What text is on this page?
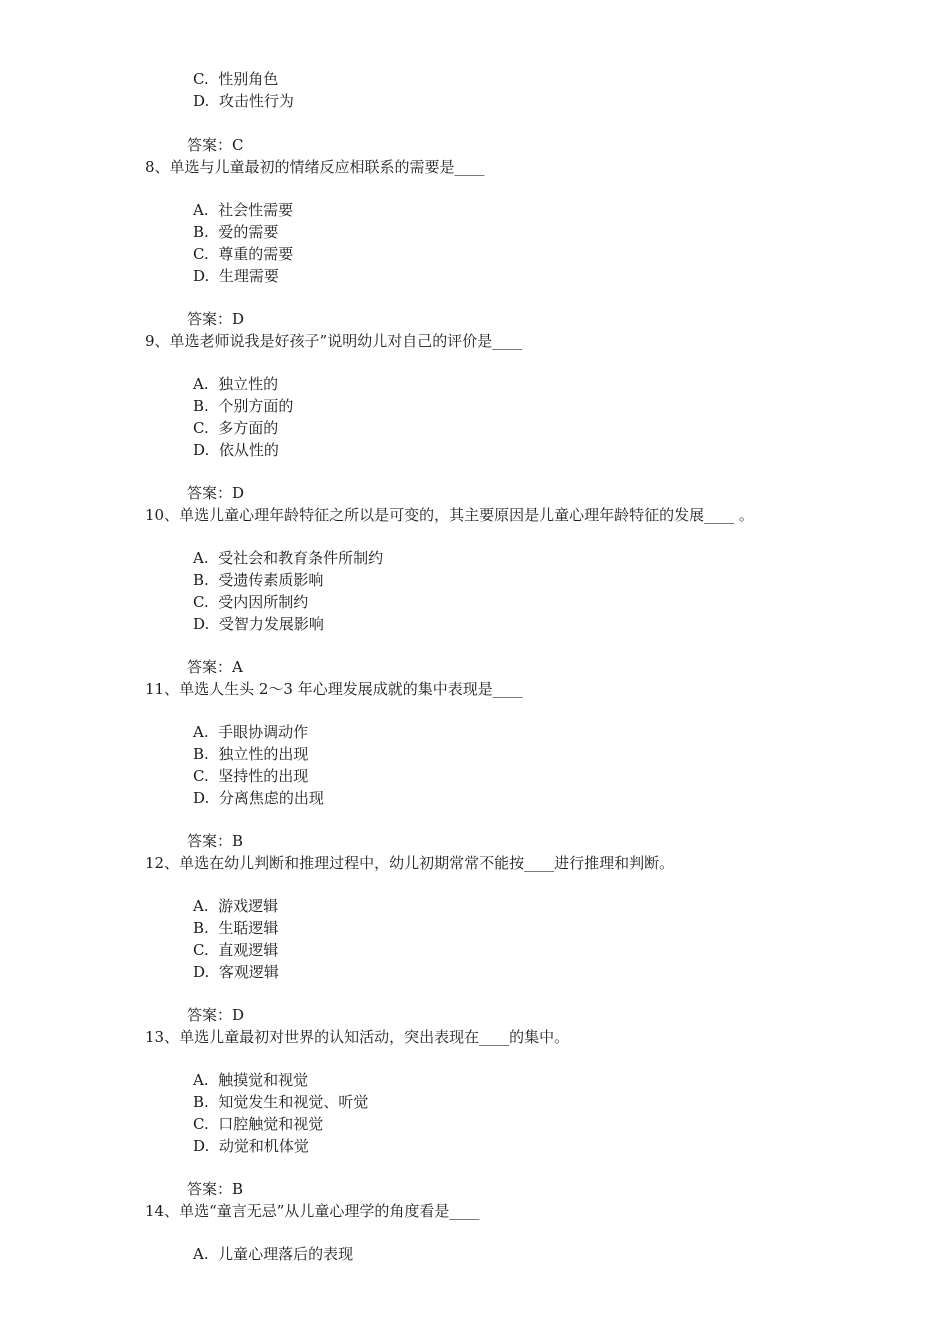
C. 性别角色
D. 攻击性行为
答案：C
8、单选与儿童最初的情绪反应相联系的需要是____
A. 社会性需要
B. 爱的需要
C. 尊重的需要
D. 生理需要
答案：D
9、单选老师说我是好孩子”说明幼儿对自己的评价是____
A. 独立性的
B. 个别方面的
C. 多方面的
D. 依从性的
答案：D
10、单选儿童心理年龄特征之所以是可变的，其主要原因是儿童心理年龄特征的发展____ 。
A. 受社会和教育条件所制约
B. 受遗传素质影响
C. 受内因所制约
D. 受智力发展影响
答案：A
11、单选人生头 2～3 年心理发展成就的集中表现是____
A. 手眼协调动作
B. 独立性的出现
C. 坚持性的出现
D. 分离焦虑的出现
答案：B
12、单选在幼儿判断和推理过程中，幼儿初期常常不能按____进行推理和判断。
A. 游戏逻辑
B. 生聒逻辑
C. 直观逻辑
D. 客观逻辑
答案：D
13、单选儿童最初对世界的认知活动，突出表现在____的集中。
A. 触摸觉和视觉
B. 知觉发生和视觉、听觉
C. 口腔触觉和视觉
D. 动觉和机体觉
答案：B
14、单选“童言无忌”从儿童心理学的角度看是____
A. 儿童心理落后的表现
